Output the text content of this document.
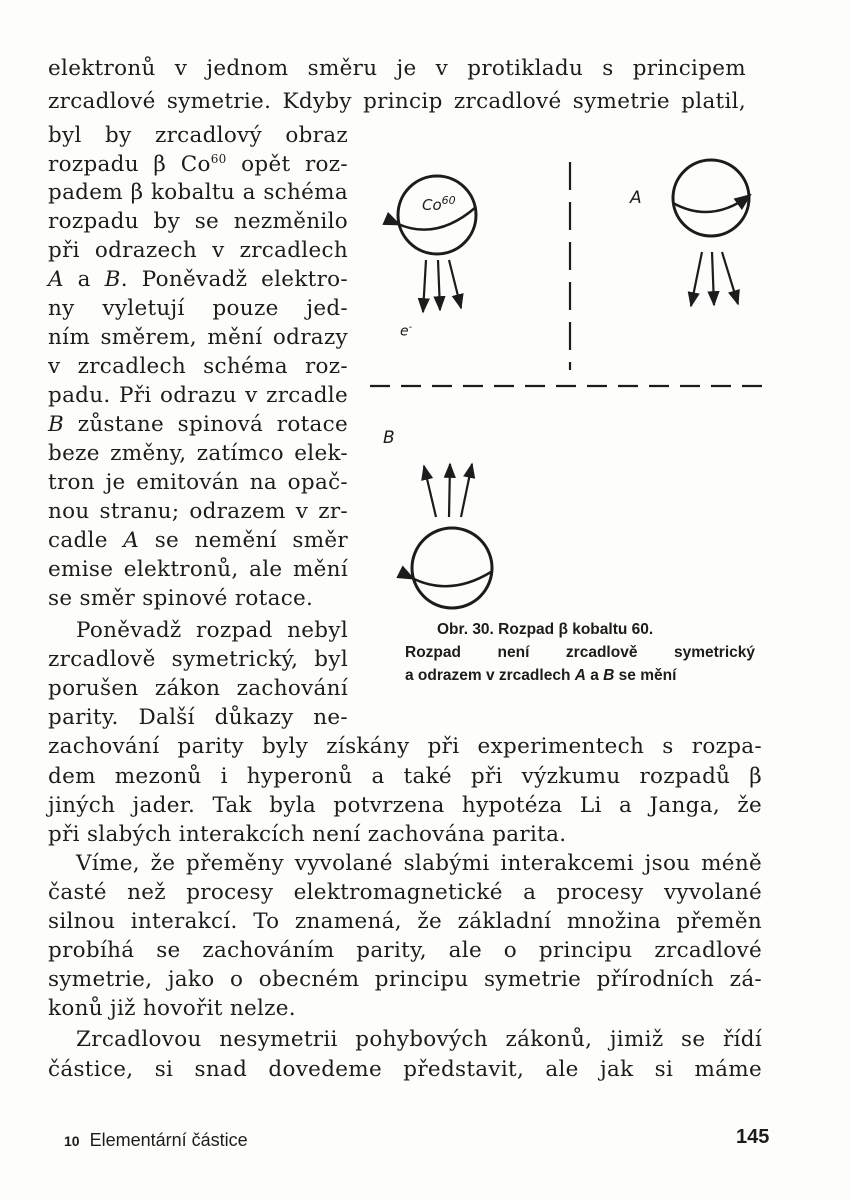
elektronů v jednom směru je v protikladu s principem
zrcadlové symetrie. Kdyby princip zrcadlové symetrie platil,
byl by zrcadlový obraz
rozpadu β Co$^{60}$ opět roz-
padem β kobaltu a schéma
rozpadu by se nezměnilo
při odrazech v zrcadlech
A a B. Poněvadž elektro-
ny vyletují pouze jed-
ním směrem, mění odrazy
v zrcadlech schéma roz-
padu. Při odrazu v zrcadle
B zůstane spinová rotace
beze změny, zatímco elek-
tron je emitován na opač-
nou stranu; odrazem v zr-
cadle A se nemění směr
emise elektronů, ale mění
se směr spinové rotace.
Poněvadž rozpad nebyl
zrcadlově symetrický, byl
porušen zákon zachování
parity. Další důkazy ne-
zachování parity byly získány při experimentech s rozpa-
dem mezonů i hyperonů a také při výzkumu rozpadů β
jiných jader. Tak byla potvrzena hypotéza Li a Janga, že
při slabých interakcích není zachována parita.
Víme, že přeměny vyvolané slabými interakcemi jsou méně
časté než procesy elektromagnetické a procesy vyvolané
silnou interakcí. To znamená, že základní množina přeměn
probíhá se zachováním parity, ale o principu zrcadlové
symetrie, jako o obecném principu symetrie přírodních zá-
konů již hovořit nelze.
Zrcadlovou nesymetrii pohybových zákonů, jimiž se řídí
částice, si snad dovedeme představit, ale jak si máme
Co$^{60}$
e-
A
B
Obr. 30. Rozpad β kobaltu 60.
Rozpad není zrcadlově symetrický
a odrazem v zrcadlech A a B se mění
10 Elementární částice	145
